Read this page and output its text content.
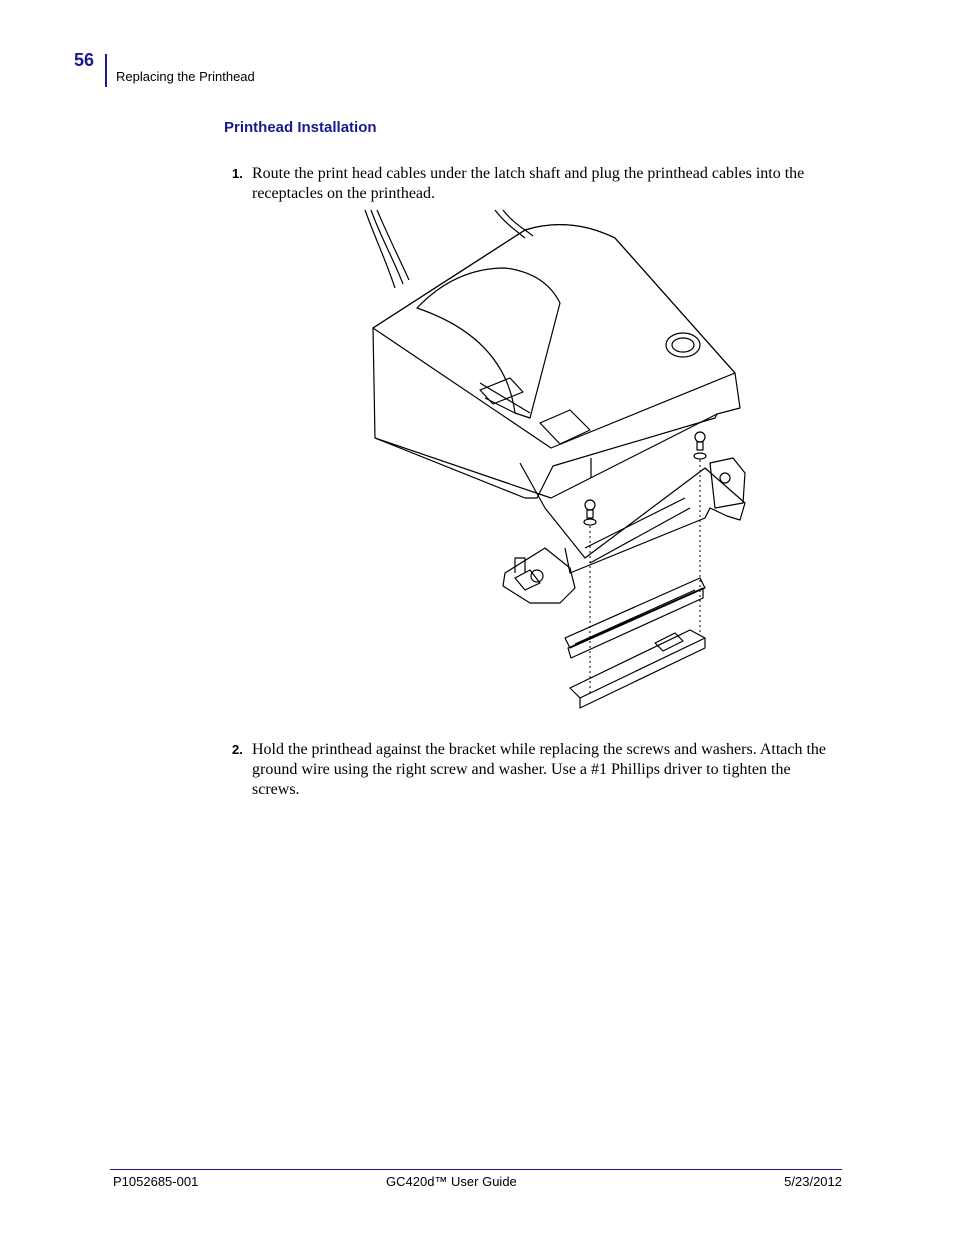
56
Replacing the Printhead
Printhead Installation
1. Route the print head cables under the latch shaft and plug the printhead cables into the receptacles on the printhead.
2. Hold the printhead against the bracket while replacing the screws and washers. Attach the ground wire using the right screw and washer. Use a #1 Phillips driver to tighten the screws.
P1052685-001	GC420d™ User Guide	5/23/2012
